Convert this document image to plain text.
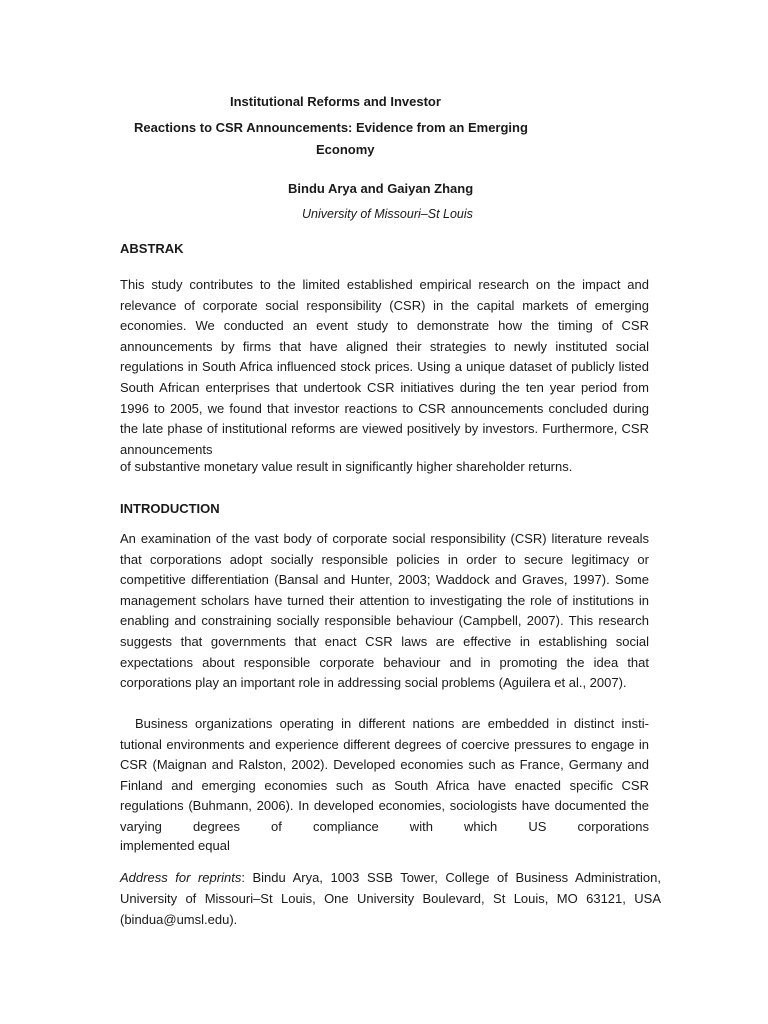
Institutional Reforms and Investor
Reactions to CSR Announcements: Evidence from an Emerging
Economy
Bindu Arya and Gaiyan Zhang
University of Missouri–St Louis
ABSTRAK
This study contributes to the limited established empirical research on the impact and relevance of corporate social responsibility (CSR) in the capital markets of emerging economies. We conducted an event study to demonstrate how the timing of CSR announcements by firms that have aligned their strategies to newly instituted social regulations in South Africa influenced stock prices. Using a unique dataset of publicly listed South African enterprises that undertook CSR initiatives during the ten year period from 1996 to 2005, we found that investor reactions to CSR announcements concluded during the late phase of institutional reforms are viewed positively by investors. Furthermore, CSR announcements
of substantive monetary value result in significantly higher shareholder returns.
INTRODUCTION
An examination of the vast body of corporate social responsibility (CSR) literature reveals that corporations adopt socially responsible policies in order to secure legitimacy or competitive differentiation (Bansal and Hunter, 2003; Waddock and Graves, 1997). Some management scholars have turned their attention to investigating the role of institutions in enabling and constraining socially responsible behaviour (Campbell, 2007). This research suggests that governments that enact CSR laws are effective in establishing social expectations about responsible corporate behaviour and in promoting the idea that corporations play an important role in addressing social problems (Aguilera et al., 2007).
Business organizations operating in different nations are embedded in distinct insti-tutional environments and experience different degrees of coercive pressures to engage in CSR (Maignan and Ralston, 2002). Developed economies such as France, Germany and Finland and emerging economies such as South Africa have enacted specific CSR regulations (Buhmann, 2006). In developed economies, sociologists have documented the varying degrees of compliance with which US corporations
implemented equal
Address for reprints: Bindu Arya, 1003 SSB Tower, College of Business Administration, University of Missouri–St Louis, One University Boulevard, St Louis, MO 63121, USA (bindua@umsl.edu).
